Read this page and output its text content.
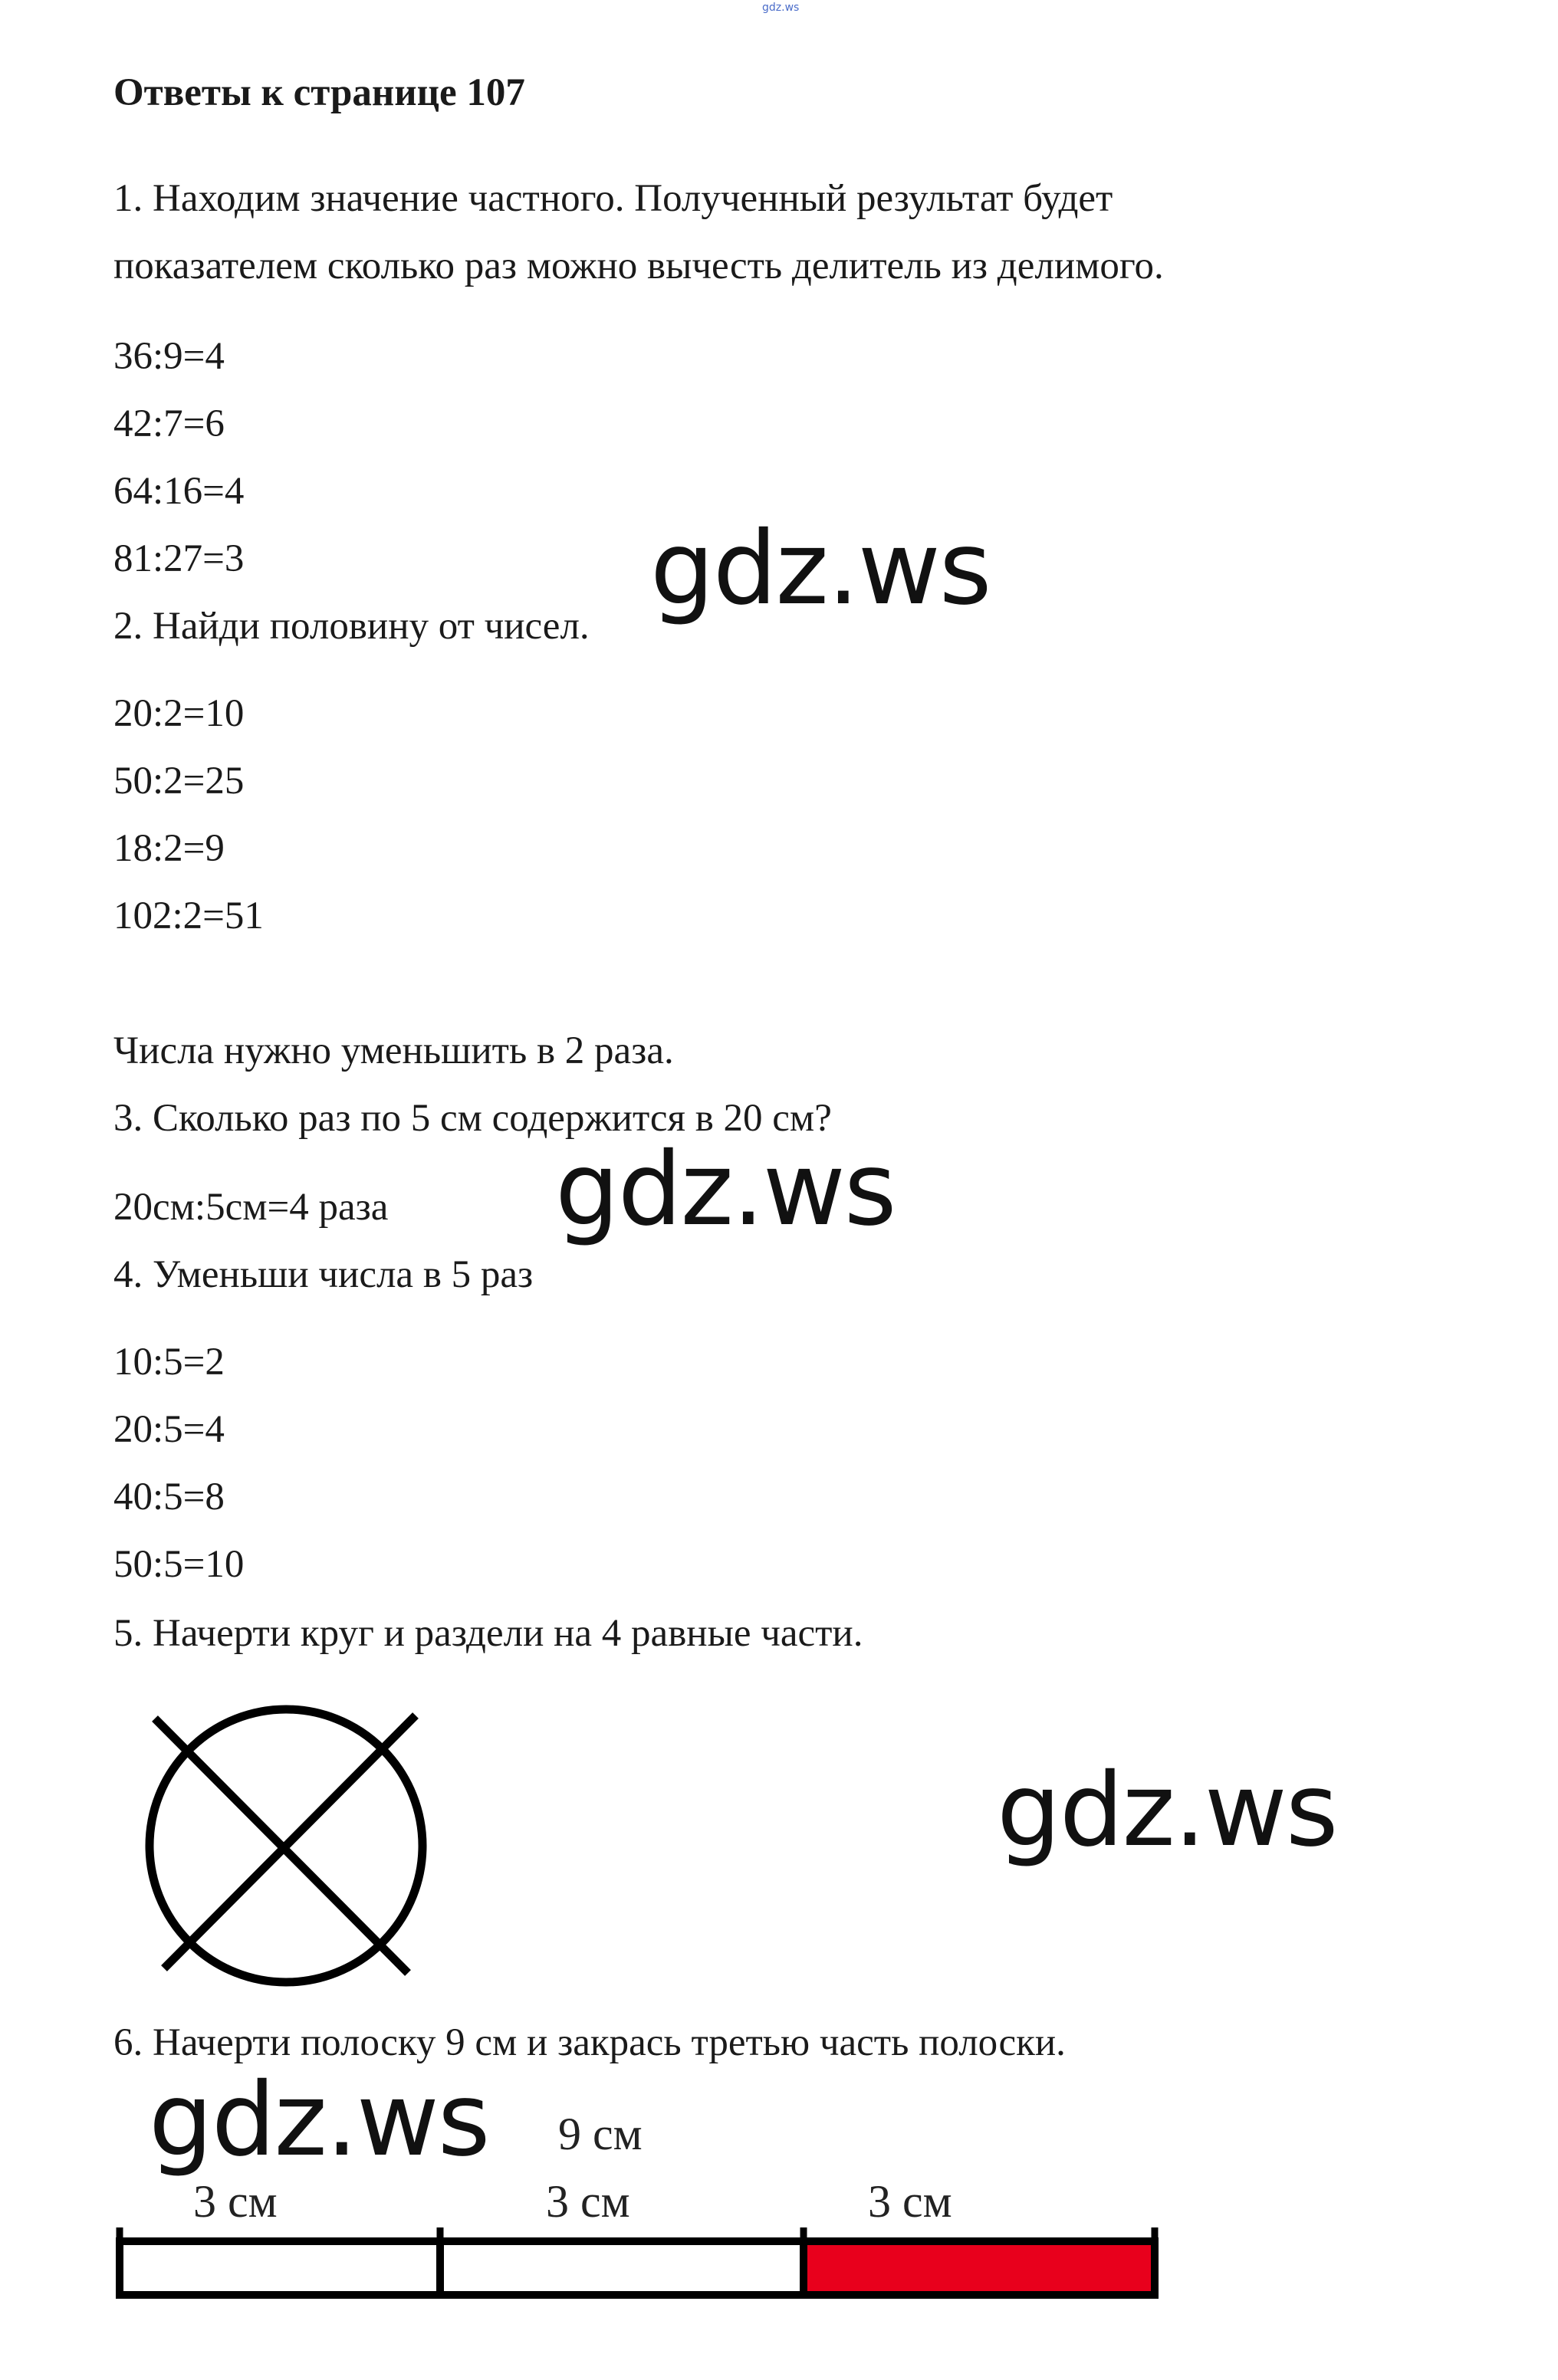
gdz.ws
Ответы к странице 107
1. Находим значение частного. Полученный результат будет
показателем сколько раз можно вычесть делитель из делимого.
36:9=4
42:7=6
64:16=4
81:27=3
2. Найди половину от чисел.
20:2=10
50:2=25
18:2=9
102:2=51
Числа нужно уменьшить в 2 раза.
3. Сколько раз по 5 см содержится в 20 см?
20см:5см=4 раза
4. Уменьши числа в 5 раз
10:5=2
20:5=4
40:5=8
50:5=10
5. Начерти круг и раздели на 4 равные части.
6. Начерти полоску 9 см и закрась третью часть полоски.
9 см
3 см	3 см	3 см
gdz.ws
gdz.ws
gdz.ws
gdz.ws
